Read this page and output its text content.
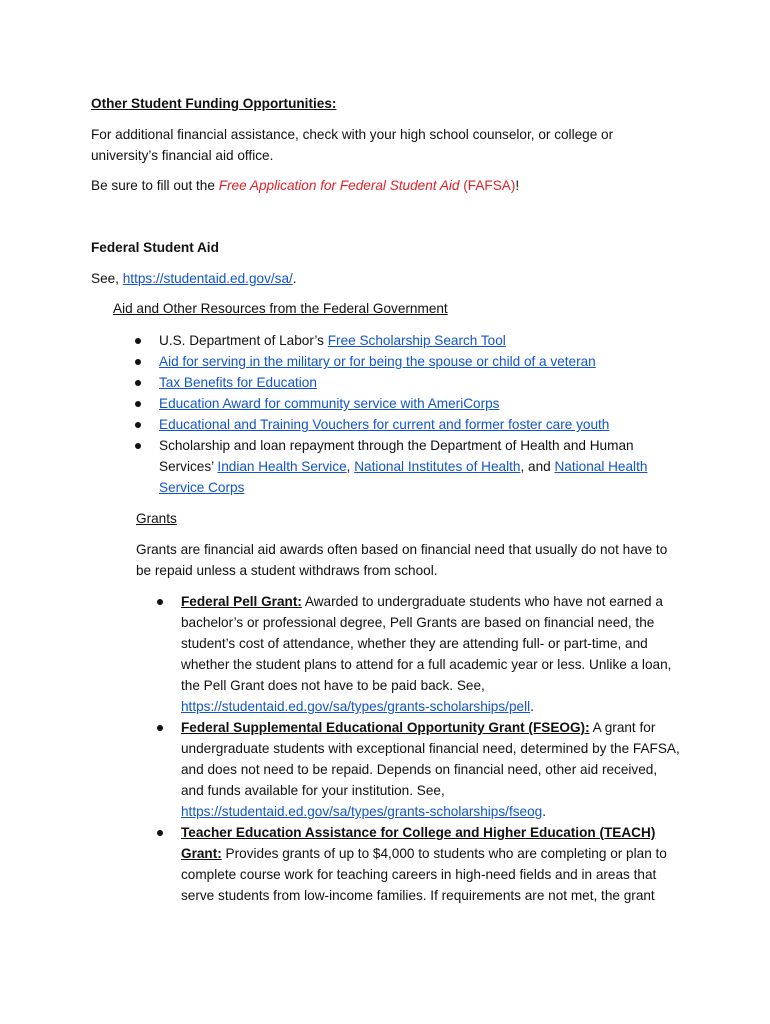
Other Student Funding Opportunities:

For additional financial assistance, check with your high school counselor, or college or university’s financial aid office.

Be sure to fill out the Free Application for Federal Student Aid (FAFSA)!

Federal Student Aid

See, https://studentaid.ed.gov/sa/.

Aid and Other Resources from the Federal Government

U.S. Department of Labor’s Free Scholarship Search Tool
Aid for serving in the military or for being the spouse or child of a veteran
Tax Benefits for Education
Education Award for community service with AmeriCorps
Educational and Training Vouchers for current and former foster care youth
Scholarship and loan repayment through the Department of Health and Human Services’ Indian Health Service, National Institutes of Health, and National Health Service Corps

Grants

Grants are financial aid awards often based on financial need that usually do not have to be repaid unless a student withdraws from school.

Federal Pell Grant: Awarded to undergraduate students who have not earned a bachelor’s or professional degree, Pell Grants are based on financial need, the student’s cost of attendance, whether they are attending full- or part-time, and whether the student plans to attend for a full academic year or less. Unlike a loan, the Pell Grant does not have to be paid back. See, https://studentaid.ed.gov/sa/types/grants-scholarships/pell.
Federal Supplemental Educational Opportunity Grant (FSEOG): A grant for undergraduate students with exceptional financial need, determined by the FAFSA, and does not need to be repaid. Depends on financial need, other aid received, and funds available for your institution. See, https://studentaid.ed.gov/sa/types/grants-scholarships/fseog.
Teacher Education Assistance for College and Higher Education (TEACH) Grant: Provides grants of up to $4,000 to students who are completing or plan to complete course work for teaching careers in high-need fields and in areas that serve students from low-income families. If requirements are not met, the grant
